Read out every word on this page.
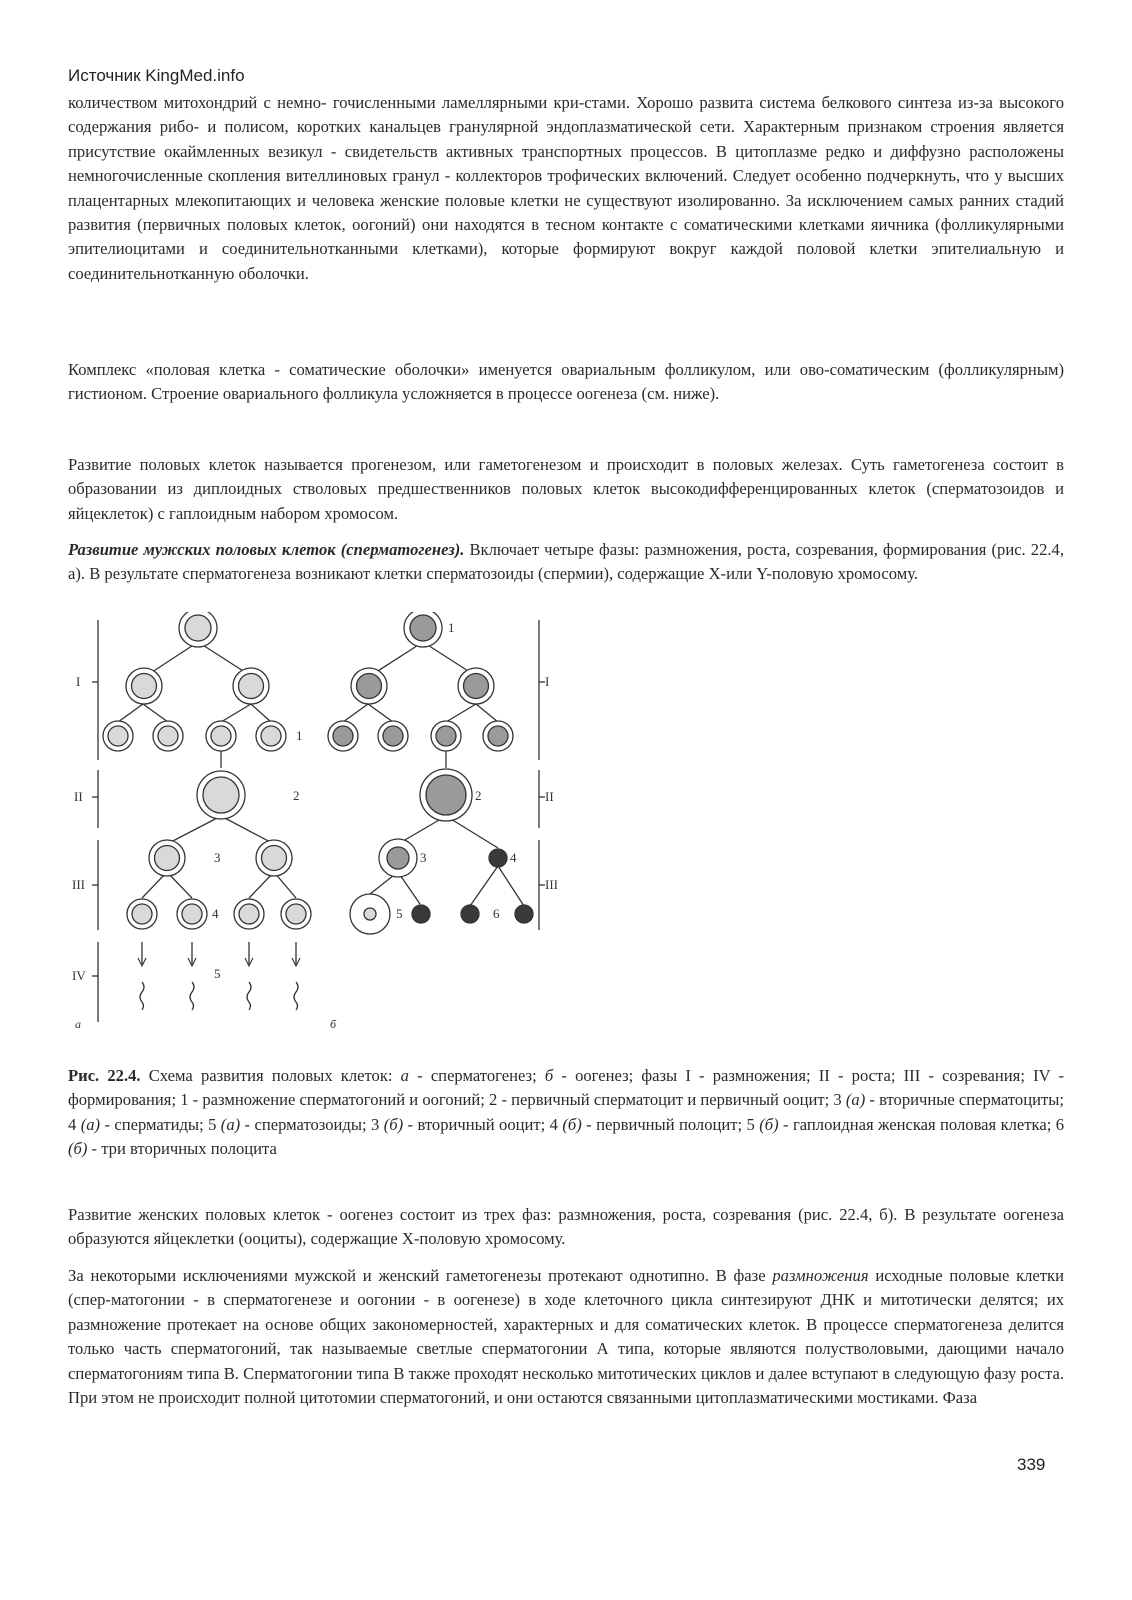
Источник KingMed.info

количеством митохондрий с немно- гочисленными ламеллярными кри-стами. Хорошо развита система белкового синтеза из-за высокого содержания рибо- и полисом, коротких канальцев гранулярной эндоплазматической сети. Характерным признаком строения является присутствие окаймленных везикул - свидетельств активных транспортных процессов. В цитоплазме редко и диффузно расположены немногочисленные скопления вителлиновых гранул - коллекторов трофических включений. Следует особенно подчеркнуть, что у высших плацентарных млекопитающих и человека женские половые клетки не существуют изолированно. За исключением самых ранних стадий развития (первичных половых клеток, оогоний) они находятся в тесном контакте с соматическими клетками яичника (фолликулярными эпителиоцитами и соединительнотканными клетками), которые формируют вокруг каждой половой клетки эпителиальную и соединительнотканную оболочки.

Комплекс «половая клетка - соматические оболочки» именуется овариальным фолликулом, или ово-соматическим (фолликулярным) гистионом. Строение овариального фолликула усложняется в процессе оогенеза (см. ниже).

Развитие половых клеток называется прогенезом, или гаметогенезом и происходит в половых железах. Суть гаметогенеза состоит в образовании из диплоидных стволовых предшественников половых клеток высокодифференцированных клеток (сперматозоидов и яйцеклеток) с гаплоидным набором хромосом.

Развитие мужских половых клеток (сперматогенез). Включает четыре фазы: размножения, роста, созревания, формирования (рис. 22.4, а). В результате сперматогенеза возникают клетки сперматозоиды (спермии), содержащие X-или Y-половую хромосому.

I
II
III
IV
1
2
3
4
5
1
2
3	4
5	6
I
II
III
а	б

Рис. 22.4. Схема развития половых клеток: а - сперматогенез; б - оогенез; фазы I - размножения; II - роста; III - созревания; IV - формирования; 1 - размножение сперматогоний и оогоний; 2 - первичный сперматоцит и первичный ооцит; 3 (а) - вторичные сперматоциты; 4 (а) - сперматиды; 5 (а) - сперматозоиды; 3 (б) - вторичный ооцит; 4 (б) - первичный полоцит; 5 (б) - гаплоидная женская половая клетка; 6 (б) - три вторичных полоцита

Развитие женских половых клеток - оогенез состоит из трех фаз: размножения, роста, созревания (рис. 22.4, б). В результате оогенеза образуются яйцеклетки (ооциты), содержащие Х-половую хромосому.

За некоторыми исключениями мужской и женский гаметогенезы протекают однотипно. В фазе размножения исходные половые клетки (спер-матогонии - в сперматогенезе и оогонии - в оогенезе) в ходе клеточного цикла синтезируют ДНК и митотически делятся; их размножение протекает на основе общих закономерностей, характерных и для соматических клеток. В процессе сперматогенеза делится только часть сперматогоний, так называемые светлые сперматогонии А типа, которые являются полустволовыми, дающими начало сперматогониям типа В. Сперматогонии типа В также проходят несколько митотических циклов и далее вступают в следующую фазу роста. При этом не происходит полной цитотомии сперматогоний, и они остаются связанными цитоплазматическими мостиками. Фаза

339
